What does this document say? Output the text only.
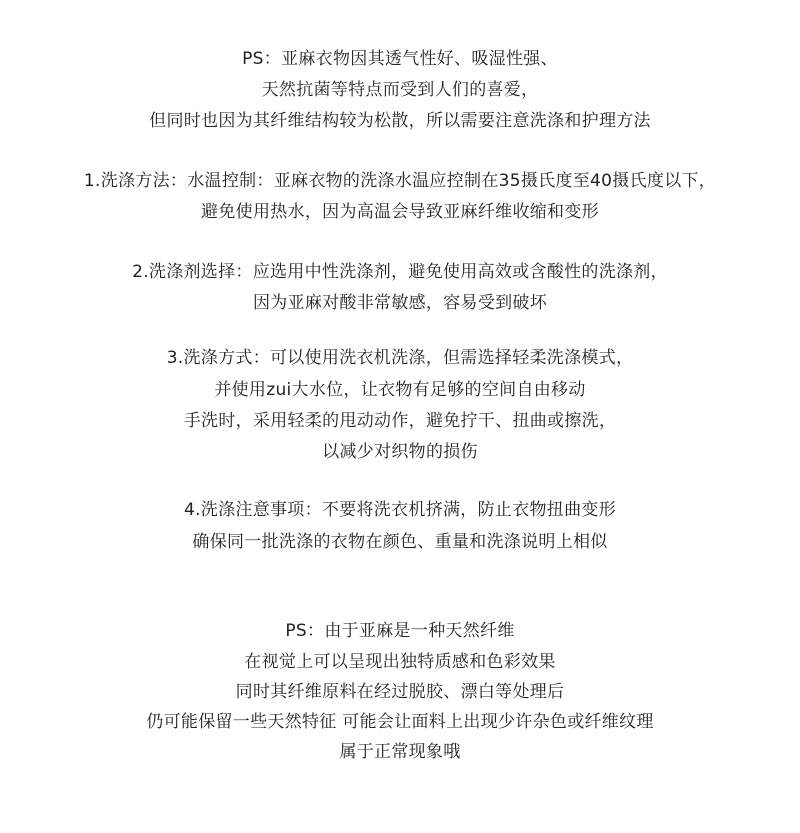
PS：亚麻衣物因其透气性好、吸湿性强、
天然抗菌等特点而受到人们的喜爱，
但同时也因为其纤维结构较为松散，所以需要注意洗涤和护理方法
1.洗涤方法：水温控制：亚麻衣物的洗涤水温应控制在35摄氏度至40摄氏度以下，
避免使用热水，因为高温会导致亚麻纤维收缩和变形
2.洗涤剂选择：应选用中性洗涤剂，避免使用高效或含酸性的洗涤剂，
因为亚麻对酸非常敏感，容易受到破坏
3.洗涤方式：可以使用洗衣机洗涤，但需选择轻柔洗涤模式，
并使用zui大水位，让衣物有足够的空间自由移动
手洗时，采用轻柔的甩动动作，避免拧干、扭曲或擦洗，
以减少对织物的损伤
4.洗涤注意事项：不要将洗衣机挤满，防止衣物扭曲变形
确保同一批洗涤的衣物在颜色、重量和洗涤说明上相似
PS：由于亚麻是一种天然纤维
在视觉上可以呈现出独特质感和色彩效果
同时其纤维原料在经过脱胶、漂白等处理后
仍可能保留一些天然特征 可能会让面料上出现少许杂色或纤维纹理
属于正常现象哦
